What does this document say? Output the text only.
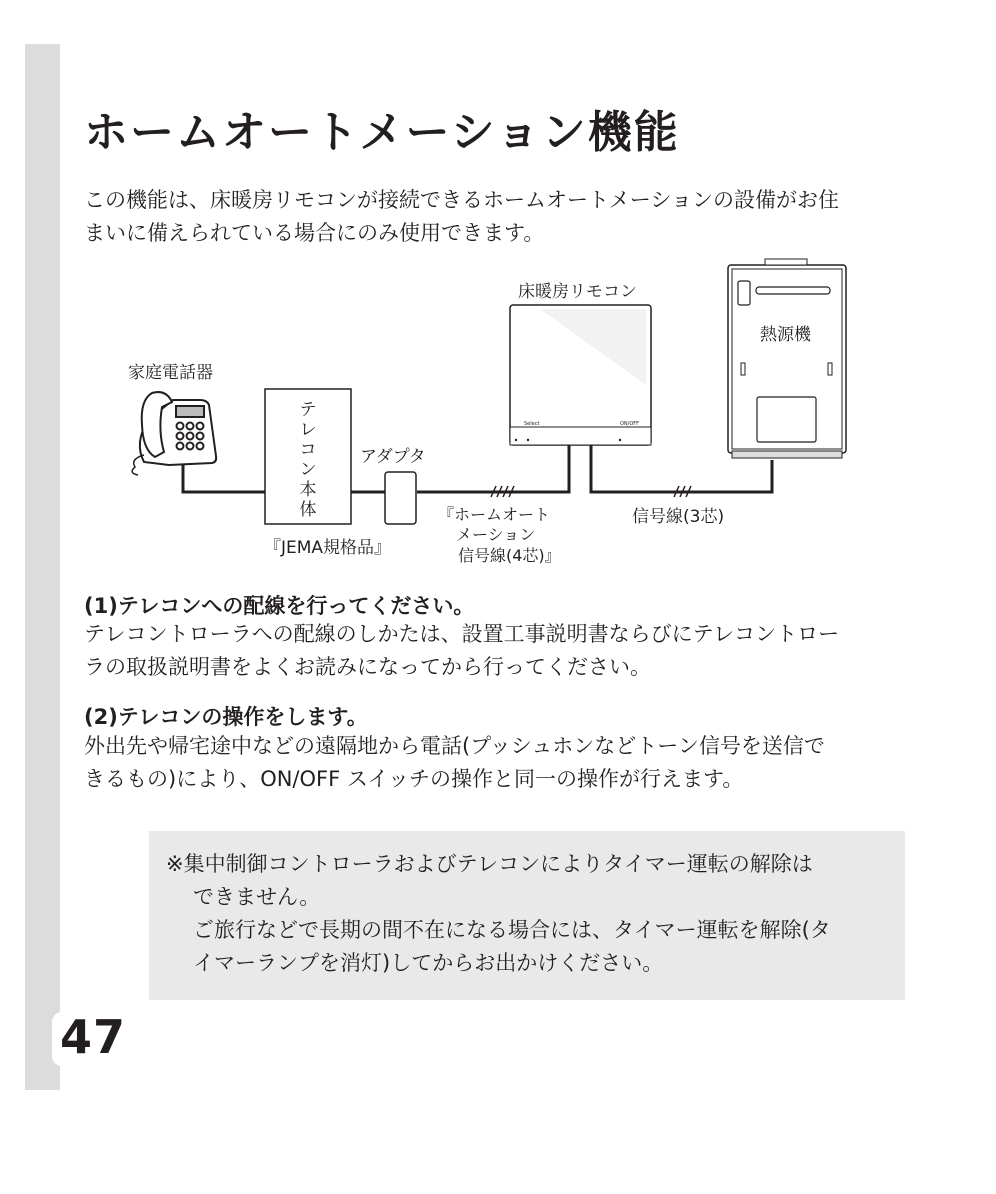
47
ホームオートメーション機能
この機能は、床暖房リモコンが接続できるホームオートメーションの設備がお住
まいに備えられている場合にのみ使用できます。
家庭電話器
テ
レ
コ
ン
本
体
『JEMA規格品』
アダプタ
床暖房リモコン
Select	ON/OFF
熱源機
『ホームオート
メーション
信号線(4芯)』
信号線(3芯)
(1)テレコンへの配線を行ってください。
テレコントローラへの配線のしかたは、設置工事説明書ならびにテレコントロー
ラの取扱説明書をよくお読みになってから行ってください。
(2)テレコンの操作をします。
外出先や帰宅途中などの遠隔地から電話(プッシュホンなどトーン信号を送信で
きるもの)により、ON/OFF スイッチの操作と同一の操作が行えます。
※集中制御コントローラおよびテレコンによりタイマー運転の解除は
できません。
ご旅行などで長期の間不在になる場合には、タイマー運転を解除(タ
イマーランプを消灯)してからお出かけください。
